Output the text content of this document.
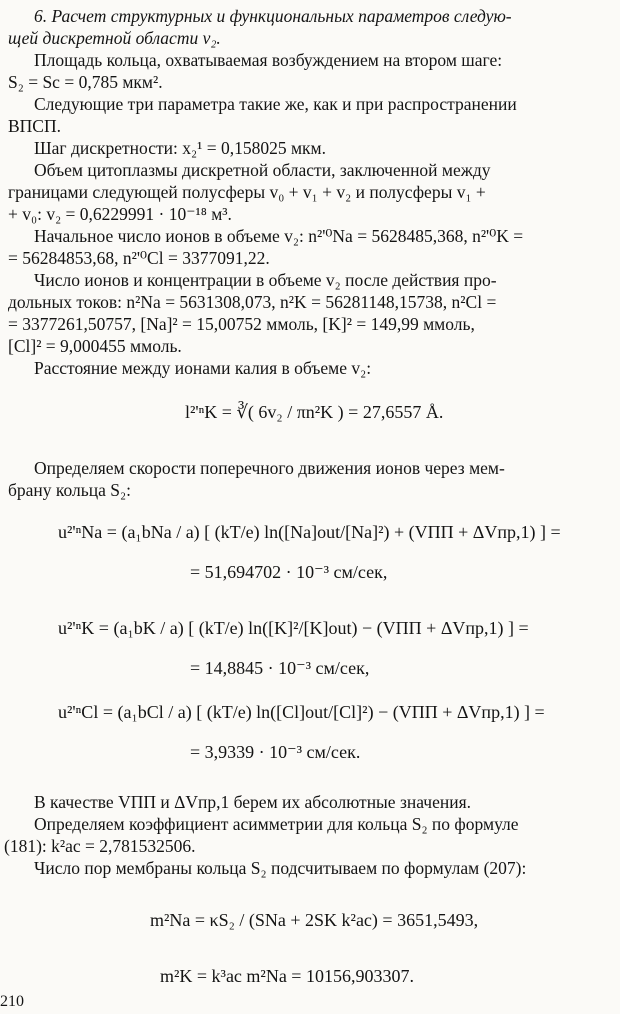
6. Расчет структурных и функциональных параметров следую-
щей дискретной области v₂.
Площадь кольца, охватываемая возбуждением на втором шаге:
S₂ = Sc = 0,785 мкм².
Следующие три параметра такие же, как и при распространении
ВПСП.
Шаг дискретности: x₂¹ = 0,158025 мкм.
Объем цитоплазмы дискретной области, заключенной между
границами следующей полусферы v₀ + v₁ + v₂ и полусферы v₁ +
+ v₀: v₂ = 0,6229991 · 10⁻¹⁸ м³.
Начальное число ионов в объеме v₂: n²'⁰Na = 5628485,368, n²'⁰K =
= 56284853,68, n²'⁰Cl = 3377091,22.
Число ионов и концентрации в объеме v₂ после действия про-
дольных токов: n²Na = 5631308,073, n²K = 56281148,15738, n²Cl =
= 3377261,50757, [Na]² = 15,00752 ммоль, [K]² = 149,99 ммоль,
[Cl]² = 9,000455 ммоль.
Расстояние между ионами калия в объеме v₂:
l²'ⁿK = ∛( 6v₂ / πn²K ) = 27,6557 Å.
Определяем скорости поперечного движения ионов через мем-
брану кольца S₂:
u²'ⁿNa = (a₁bNa / a) [ (kT/e) ln([Na]out/[Na]²) + (VПП + ΔVпр,1) ] =
= 51,694702 · 10⁻³ см/сек,
u²'ⁿK = (a₁bK / a) [ (kT/e) ln([K]²/[K]out) − (VПП + ΔVпр,1) ] =
= 14,8845 · 10⁻³ см/сек,
u²'ⁿCl = (a₁bCl / a) [ (kT/e) ln([Cl]out/[Cl]²) − (VПП + ΔVпр,1) ] =
= 3,9339 · 10⁻³ см/сек.
В качестве VПП и ΔVпр,1 берем их абсолютные значения.
Определяем коэффициент асимметрии для кольца S₂ по формуле
(181): k²ас = 2,781532506.
Число пор мембраны кольца S₂ подсчитываем по формулам (207):
m²Na = κS₂ / (SNa + 2SK k²ас) = 3651,5493,
m²K = k³ас m²Na = 10156,903307.
210
